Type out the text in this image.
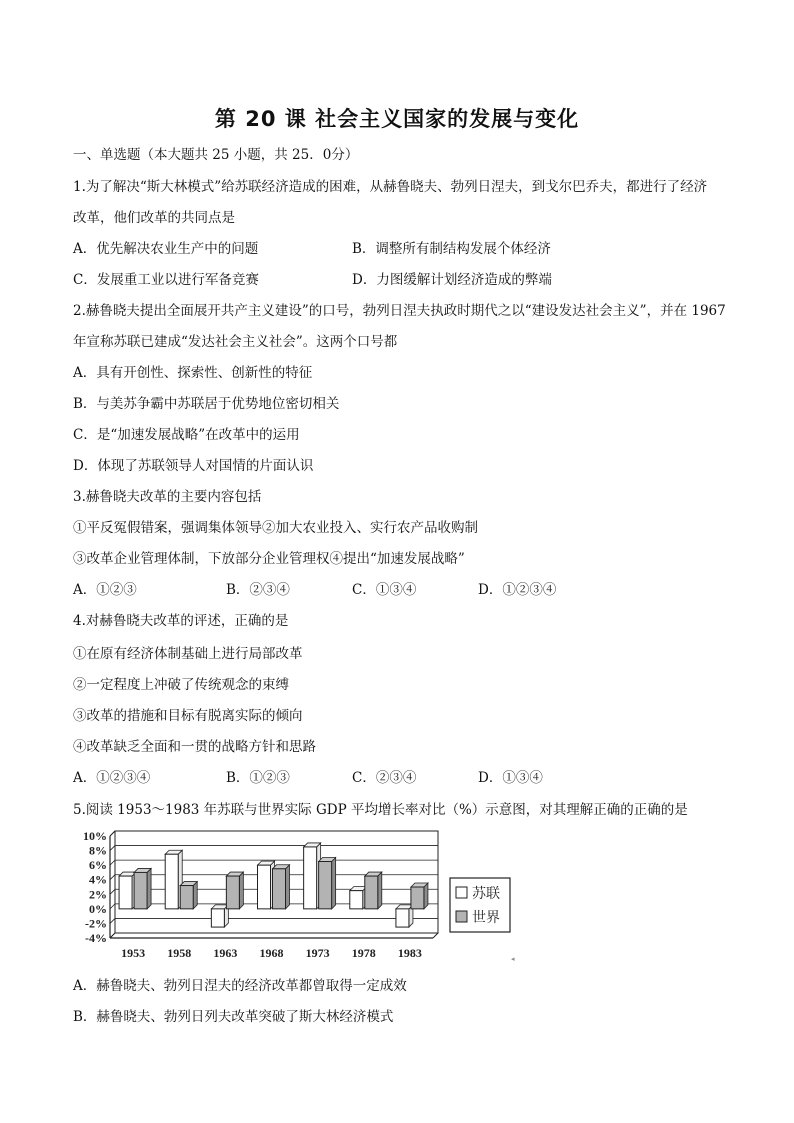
第 20 课 社会主义国家的发展与变化
一、单选题（本大题共 25 小题，共 25．0分）
1.为了解决“斯大林模式”给苏联经济造成的困难，从赫鲁晓夫、勃列日涅夫，到戈尔巴乔夫，都进行了经济
改革，他们改革的共同点是
A．优先解决农业生产中的问题	B．调整所有制结构发展个体经济
C．发展重工业以进行军备竞赛	D．力图缓解计划经济造成的弊端
2.赫鲁晓夫提出全面展开共产主义建设”的口号，勃列日涅夫执政时期代之以“建设发达社会主义”，并在 1967
年宣称苏联已建成“发达社会主义社会”。这两个口号都
A．具有开创性、探索性、创新性的特征
B．与美苏争霸中苏联居于优势地位密切相关
C．是“加速发展战略”在改革中的运用
D．体现了苏联领导人对国情的片面认识
3.赫鲁晓夫改革的主要内容包括
①平反冤假错案，强调集体领导②加大农业投入、实行农产品收购制
③改革企业管理体制，下放部分企业管理权④提出“加速发展战略”
A．①②③	B．②③④	C．①③④	D．①②③④
4.对赫鲁晓夫改革的评述，正确的是
①在原有经济体制基础上进行局部改革
②一定程度上冲破了传统观念的束缚
③改革的措施和目标有脱离实际的倾向
④改革缺乏全面和一贯的战略方针和思路
A．①②③④	B．①②③	C．②③④	D．①③④
5.阅读 1953～1983 年苏联与世界实际 GDP 平均增长率对比（%）示意图，对其理解正确的正确的是
10%
8%
6%
4%
2%
0%
-2%
-4%
1953 1958 1963 1968 1973 1978 1983
苏联
世界
◂
A．赫鲁晓夫、勃列日涅夫的经济改革都曾取得一定成效
B．赫鲁晓夫、勃列日列夫改革突破了斯大林经济模式
